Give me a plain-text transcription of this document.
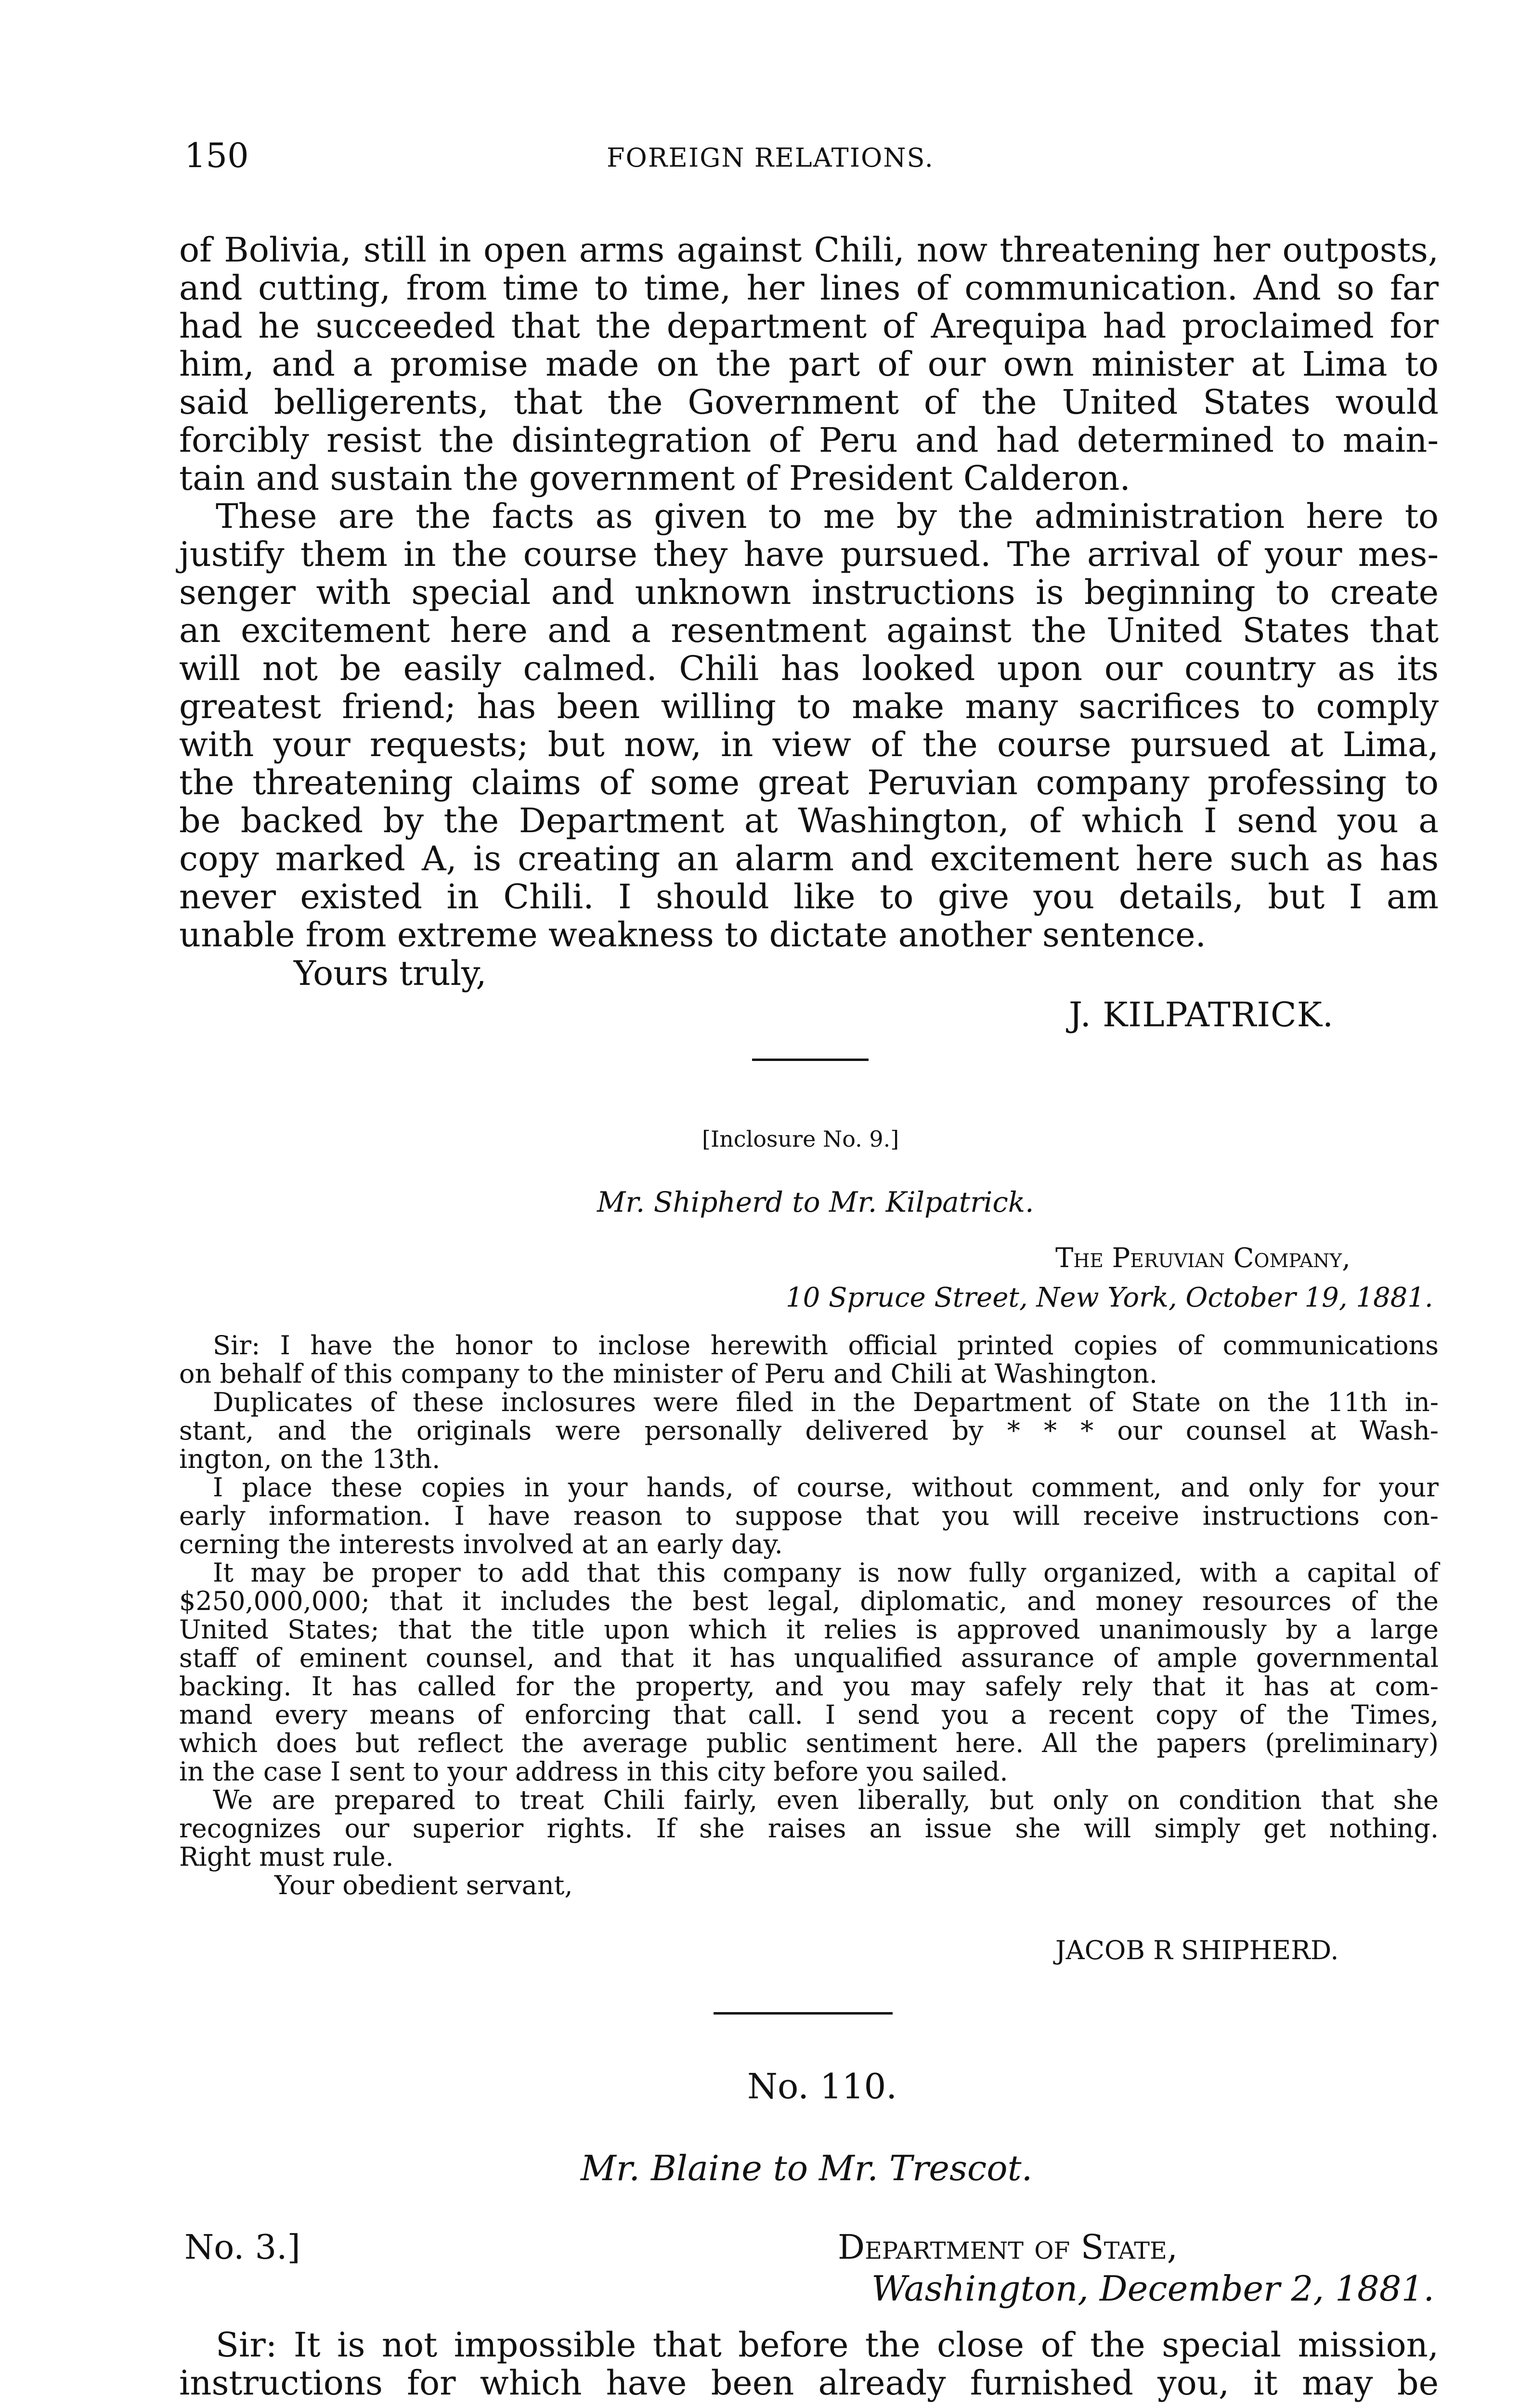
150	FOREIGN RELATIONS.
of Bolivia, still in open arms against Chili, now threatening her outposts,
and cutting, from time to time, her lines of communication. And so far
had he succeeded that the department of Arequipa had proclaimed for
him, and a promise made on the part of our own minister at Lima to
said belligerents, that the Government of the United States would
forcibly resist the disintegration of Peru and had determined to main-
tain and sustain the government of President Calderon.
These are the facts as given to me by the administration here to
justify them in the course they have pursued. The arrival of your mes-
senger with special and unknown instructions is beginning to create
an excitement here and a resentment against the United States that
will not be easily calmed. Chili has looked upon our country as its
greatest friend; has been willing to make many sacrifices to comply
with your requests; but now, in view of the course pursued at Lima,
the threatening claims of some great Peruvian company professing to
be backed by the Department at Washington, of which I send you a
copy marked A, is creating an alarm and excitement here such as has
never existed in Chili. I should like to give you details, but I am
unable from extreme weakness to dictate another sentence.
Yours truly,
J. KILPATRICK.
[Inclosure No. 9.]
Mr. Shipherd to Mr. Kilpatrick.
The Peruvian Company,
10 Spruce Street, New York, October 19, 1881.
Sir: I have the honor to inclose herewith official printed copies of communications
on behalf of this company to the minister of Peru and Chili at Washington.
Duplicates of these inclosures were filed in the Department of State on the 11th in-
stant, and the originals were personally delivered by * * * our counsel at Wash-
ington, on the 13th.
I place these copies in your hands, of course, without comment, and only for your
early information. I have reason to suppose that you will receive instructions con-
cerning the interests involved at an early day.
It may be proper to add that this company is now fully organized, with a capital of
$250,000,000; that it includes the best legal, diplomatic, and money resources of the
United States; that the title upon which it relies is approved unanimously by a large
staff of eminent counsel, and that it has unqualified assurance of ample governmental
backing. It has called for the property, and you may safely rely that it has at com-
mand every means of enforcing that call. I send you a recent copy of the Times,
which does but reflect the average public sentiment here. All the papers (preliminary)
in the case I sent to your address in this city before you sailed.
We are prepared to treat Chili fairly, even liberally, but only on condition that she
recognizes our superior rights. If she raises an issue she will simply get nothing.
Right must rule.
Your obedient servant,
JACOB R SHIPHERD.
No. 110.
Mr. Blaine to Mr. Trescot.
No. 3.]	Department of State,
Washington, December 2, 1881.
Sir: It is not impossible that before the close of the special mission,
instructions for which have been already furnished you, it may be
